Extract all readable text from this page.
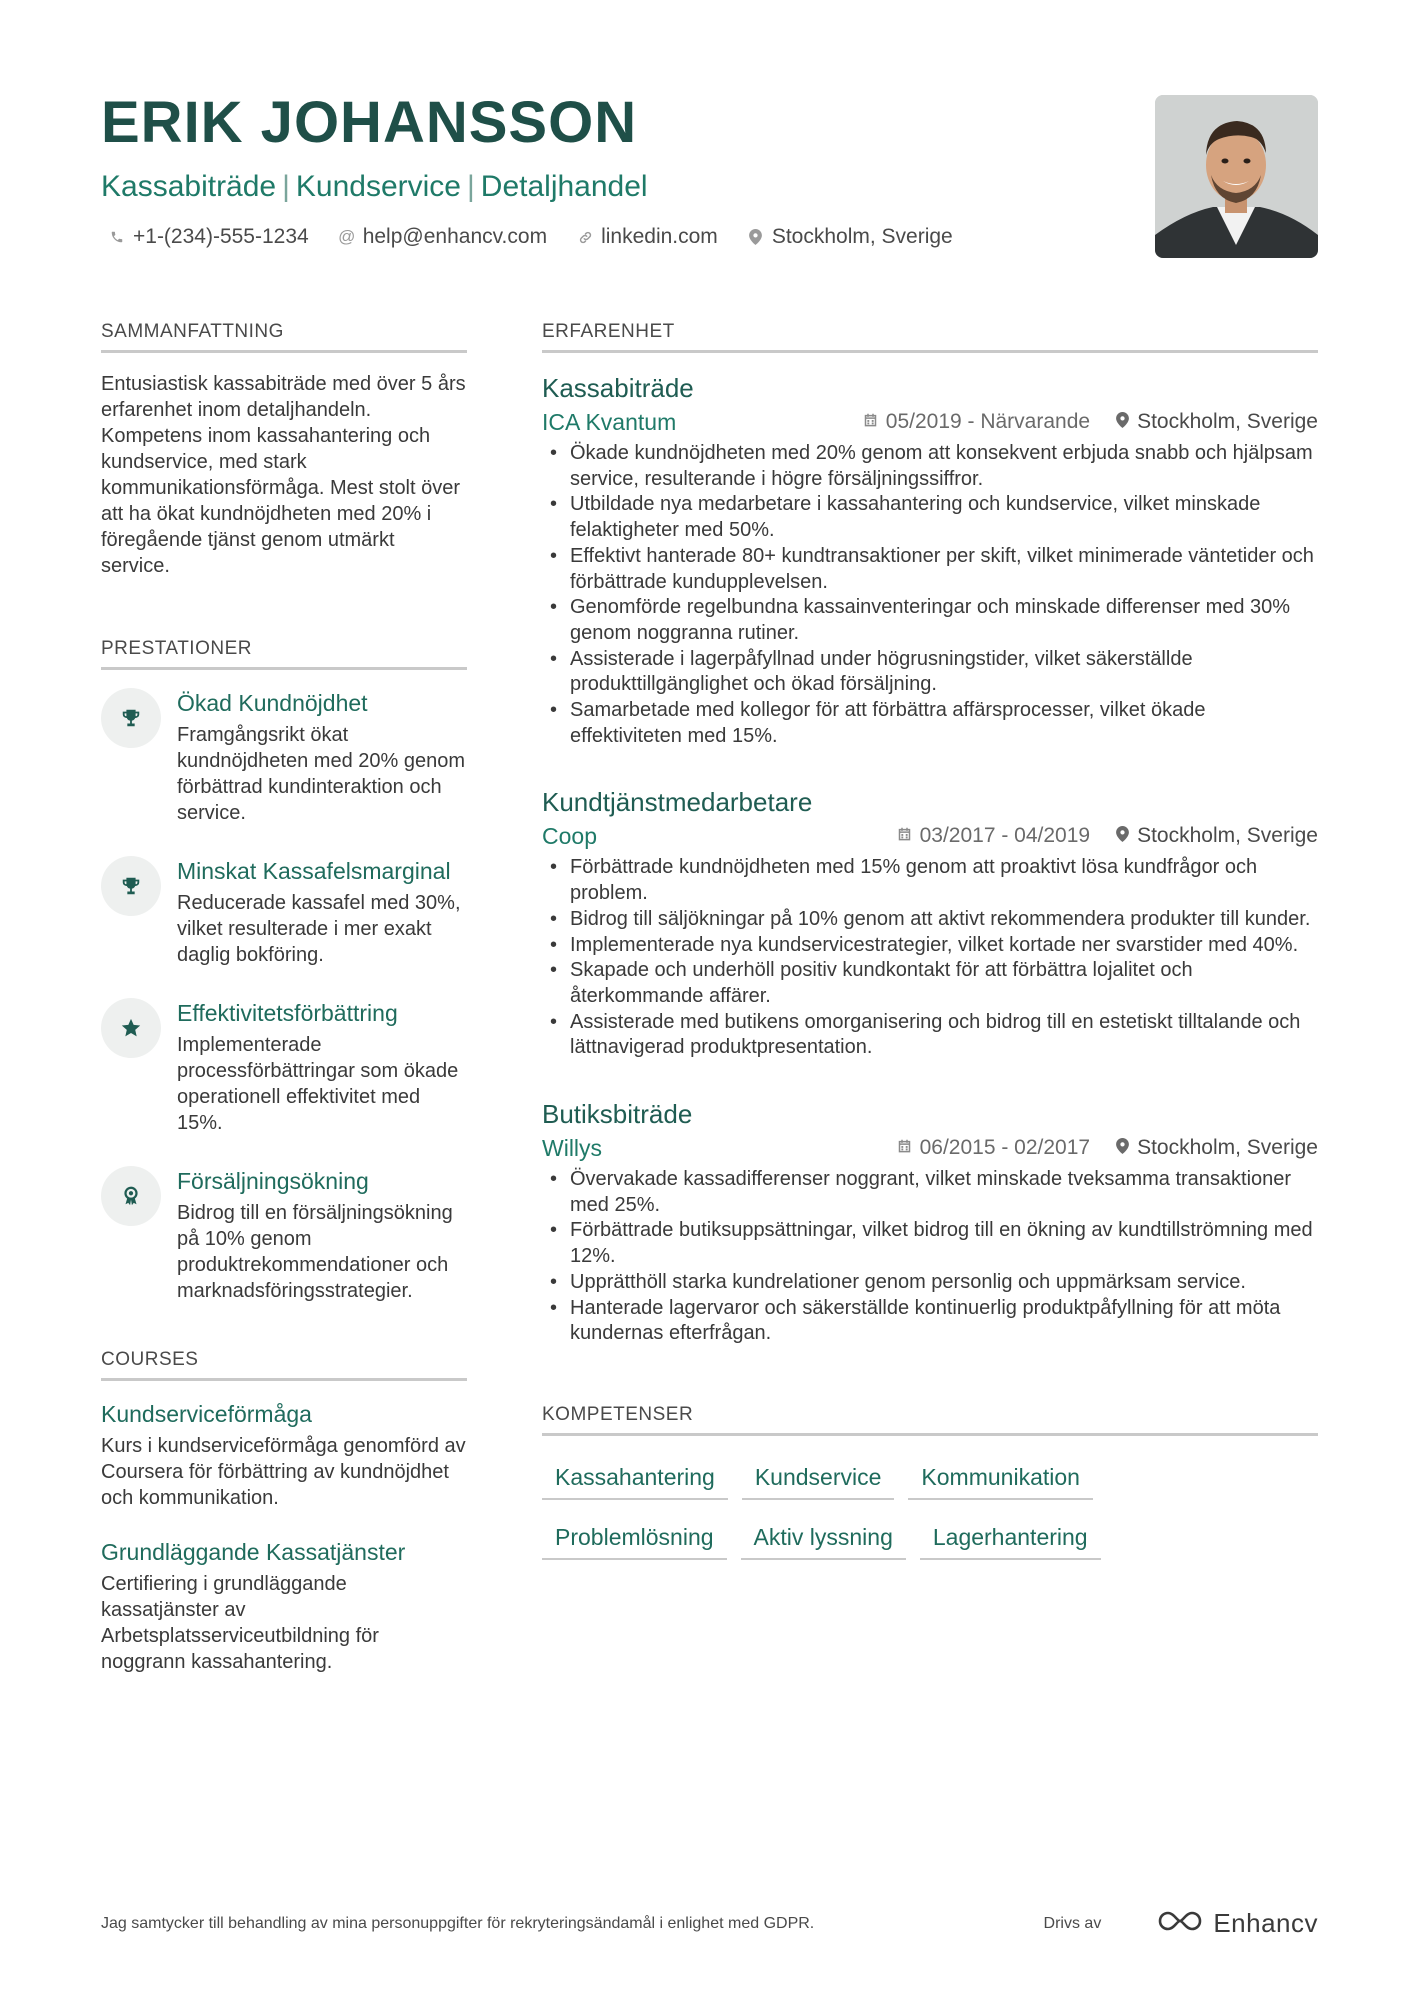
ERIK JOHANSSON
Kassabiträde | Kundservice | Detaljhandel
+1-(234)-555-1234 @ help@enhancv.com	linkedin.com	Stockholm, Sverige
SAMMANFATTNING
Entusiastisk kassabiträde med över 5 års erfarenhet inom detaljhandeln. Kompetens inom kassahantering och kundservice, med stark kommunikationsförmåga. Mest stolt över att ha ökat kundnöjdheten med 20% i föregående tjänst genom utmärkt service.
PRESTATIONER
Ökad Kundnöjdhet
Framgångsrikt ökat kundnöjdheten med 20% genom förbättrad kundinteraktion och service.
Minskat Kassafelsmarginal
Reducerade kassafel med 30%, vilket resulterade i mer exakt daglig bokföring.
Effektivitetsförbättring
Implementerade processförbättringar som ökade operationell effektivitet med 15%.
Försäljningsökning
Bidrog till en försäljningsökning på 10% genom produktrekommendationer och marknadsföringsstrategier.
COURSES
Kundserviceförmåga
Kurs i kundserviceförmåga genomförd av Coursera för förbättring av kundnöjdhet och kommunikation.
Grundläggande Kassatjänster
Certifiering i grundläggande kassatjänster av Arbetsplatsserviceutbildning för noggrann kassahantering.
ERFARENHET
Kassabiträde
ICA Kvantum	05/2019 - Närvarande Stockholm, Sverige
• Ökade kundnöjdheten med 20% genom att konsekvent erbjuda snabb och hjälpsam service, resulterande i högre försäljningssiffror.
• Utbildade nya medarbetare i kassahantering och kundservice, vilket minskade felaktigheter med 50%.
• Effektivt hanterade 80+ kundtransaktioner per skift, vilket minimerade väntetider och förbättrade kundupplevelsen.
• Genomförde regelbundna kassainventeringar och minskade differenser med 30% genom noggranna rutiner.
• Assisterade i lagerpåfyllnad under högrusningstider, vilket säkerställde produkttillgänglighet och ökad försäljning.
• Samarbetade med kollegor för att förbättra affärsprocesser, vilket ökade effektiviteten med 15%.
Kundtjänstmedarbetare
Coop	03/2017 - 04/2019 Stockholm, Sverige
• Förbättrade kundnöjdheten med 15% genom att proaktivt lösa kundfrågor och problem.
• Bidrog till säljökningar på 10% genom att aktivt rekommendera produkter till kunder.
• Implementerade nya kundservicestrategier, vilket kortade ner svarstider med 40%.
• Skapade och underhöll positiv kundkontakt för att förbättra lojalitet och återkommande affärer.
• Assisterade med butikens omorganisering och bidrog till en estetiskt tilltalande och lättnavigerad produktpresentation.
Butiksbiträde
Willys	06/2015 - 02/2017 Stockholm, Sverige
• Övervakade kassadifferenser noggrant, vilket minskade tveksamma transaktioner med 25%.
• Förbättrade butiksuppsättningar, vilket bidrog till en ökning av kundtillströmning med 12%.
• Upprätthöll starka kundrelationer genom personlig och uppmärksam service.
• Hanterade lagervaror och säkerställde kontinuerlig produktpåfyllning för att möta kundernas efterfrågan.
KOMPETENSER
Kassahantering	Kundservice	Kommunikation
Problemlösning	Aktiv lyssning	Lagerhantering
Jag samtycker till behandling av mina personuppgifter för rekryteringsändamål i enlighet med GDPR.	Drivs av	Enhancv
